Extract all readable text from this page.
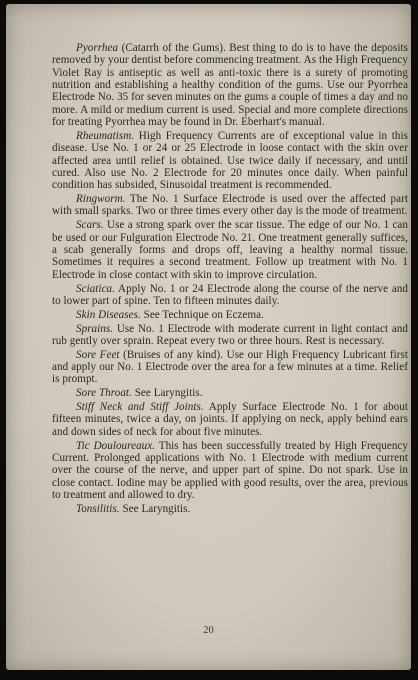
Pyorrhea (Catarrh of the Gums). Best thing to do is to have the deposits removed by your dentist before commencing treatment. As the High Frequency Violet Ray is antiseptic as well as anti-toxic there is a surety of promoting nutrition and establishing a healthy condition of the gums. Use our Pyorrhea Electrode No. 35 for seven minutes on the gums a couple of times a day and no more. A mild or medium current is used. Special and more complete directions for treating Pyorrhea may be found in Dr. Eberhart's manual.

Rheumatism. High Frequency Currents are of exceptional value in this disease. Use No. 1 or 24 or 25 Electrode in loose contact with the skin over affected area until relief is obtained. Use twice daily if necessary, and until cured. Also use No. 2 Electrode for 20 minutes once daily. When painful condition has subsided, Sinusoidal treatment is recommended.

Ringworm. The No. 1 Surface Electrode is used over the affected part with small sparks. Two or three times every other day is the mode of treatment.

Scars. Use a strong spark over the scar tissue. The edge of our No. 1 can be used or our Fulguration Electrode No. 21. One treatment generally suffices, a scab generally forms and drops off, leaving a healthy normal tissue. Sometimes it requires a second treatment. Follow up treatment with No. 1 Electrode in close contact with skin to improve circulation.

Sciatica. Apply No. 1 or 24 Electrode along the course of the nerve and to lower part of spine. Ten to fifteen minutes daily.

Skin Diseases. See Technique on Eczema.

Sprains. Use No. 1 Electrode with moderate current in light contact and rub gently over sprain. Repeat every two or three hours. Rest is necessary.

Sore Feet (Bruises of any kind). Use our High Frequency Lubricant first and apply our No. 1 Electrode over the area for a few minutes at a time. Relief is prompt.

Sore Throat. See Laryngitis.

Stiff Neck and Stiff Joints. Apply Surface Electrode No. 1 for about fifteen minutes, twice a day, on joints. If applying on neck, apply behind ears and down sides of neck for about five minutes.

Tic Douloureaux. This has been successfully treated by High Frequency Current. Prolonged applications with No. 1 Electrode with medium current over the course of the nerve, and upper part of spine. Do not spark. Use in close contact. Iodine may be applied with good results, over the area, previous to treatment and allowed to dry.

Tonsilitis. See Laryngitis.

20
